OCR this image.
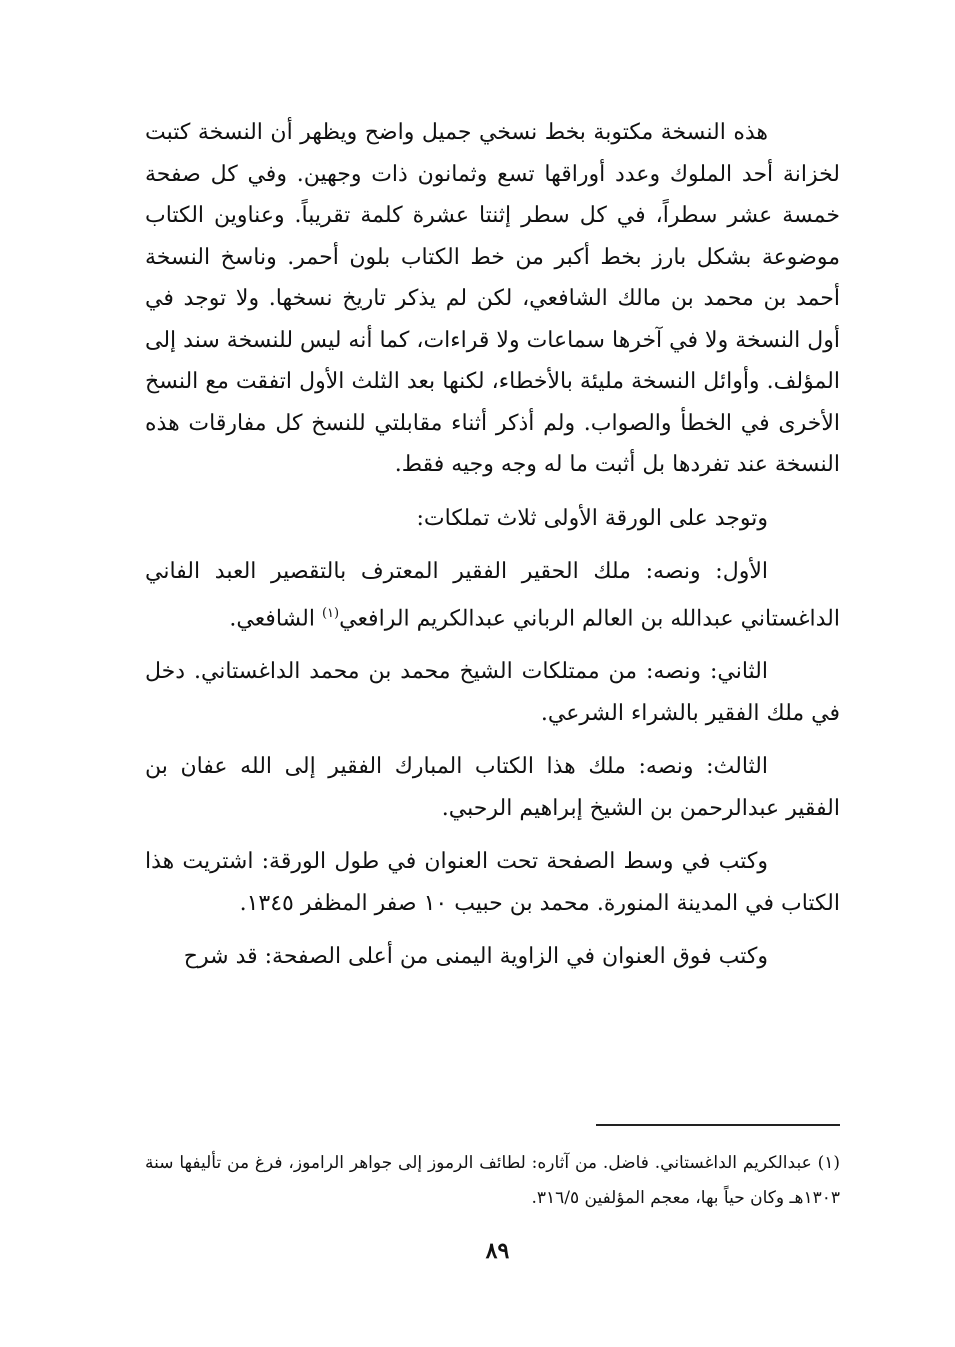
هذه النسخة مكتوبة بخط نسخي جميل واضح ويظهر أن النسخة كتبت لخزانة أحد الملوك وعدد أوراقها تسع وثمانون ذات وجهين. وفي كل صفحة خمسة عشر سطراً، في كل سطر إثنتا عشرة كلمة تقريباً. وعناوين الكتاب موضوعة بشكل بارز بخط أكبر من خط الكتاب بلون أحمر. وناسخ النسخة أحمد بن محمد بن مالك الشافعي، لكن لم يذكر تاريخ نسخها. ولا توجد في أول النسخة ولا في آخرها سماعات ولا قراءات، كما أنه ليس للنسخة سند إلى المؤلف. وأوائل النسخة مليئة بالأخطاء، لكنها بعد الثلث الأول اتفقت مع النسخ الأخرى في الخطأ والصواب. ولم أذكر أثناء مقابلتي للنسخ كل مفارقات هذه النسخة عند تفردها بل أثبت ما له وجه وجيه فقط.

وتوجد على الورقة الأولى ثلاث تملكات:

الأول: ونصه: ملك الحقير الفقير المعترف بالتقصير العبد الفاني الداغستاني عبدالله بن العالم الرباني عبدالكريم الرافعي$^{(١)}$ الشافعي.

الثاني: ونصه: من ممتلكات الشيخ محمد بن محمد الداغستاني. دخل في ملك الفقير بالشراء الشرعي.

الثالث: ونصه: ملك هذا الكتاب المبارك الفقير إلى الله عفان بن الفقير عبدالرحمن بن الشيخ إبراهيم الرحبي.

وكتب في وسط الصفحة تحت العنوان في طول الورقة: اشتريت هذا الكتاب في المدينة المنورة. محمد بن حبيب ١٠ صفر المظفر ١٣٤٥.

وكتب فوق العنوان في الزاوية اليمنى من أعلى الصفحة: قد شرح

(١) عبدالكريم الداغستاني. فاضل. من آثاره: لطائف الرموز إلى جواهر الراموز، فرغ من تأليفها سنة ١٣٠٣هـ وكان حياً بها، معجم المؤلفين ٣١٦/٥.

٨٩
